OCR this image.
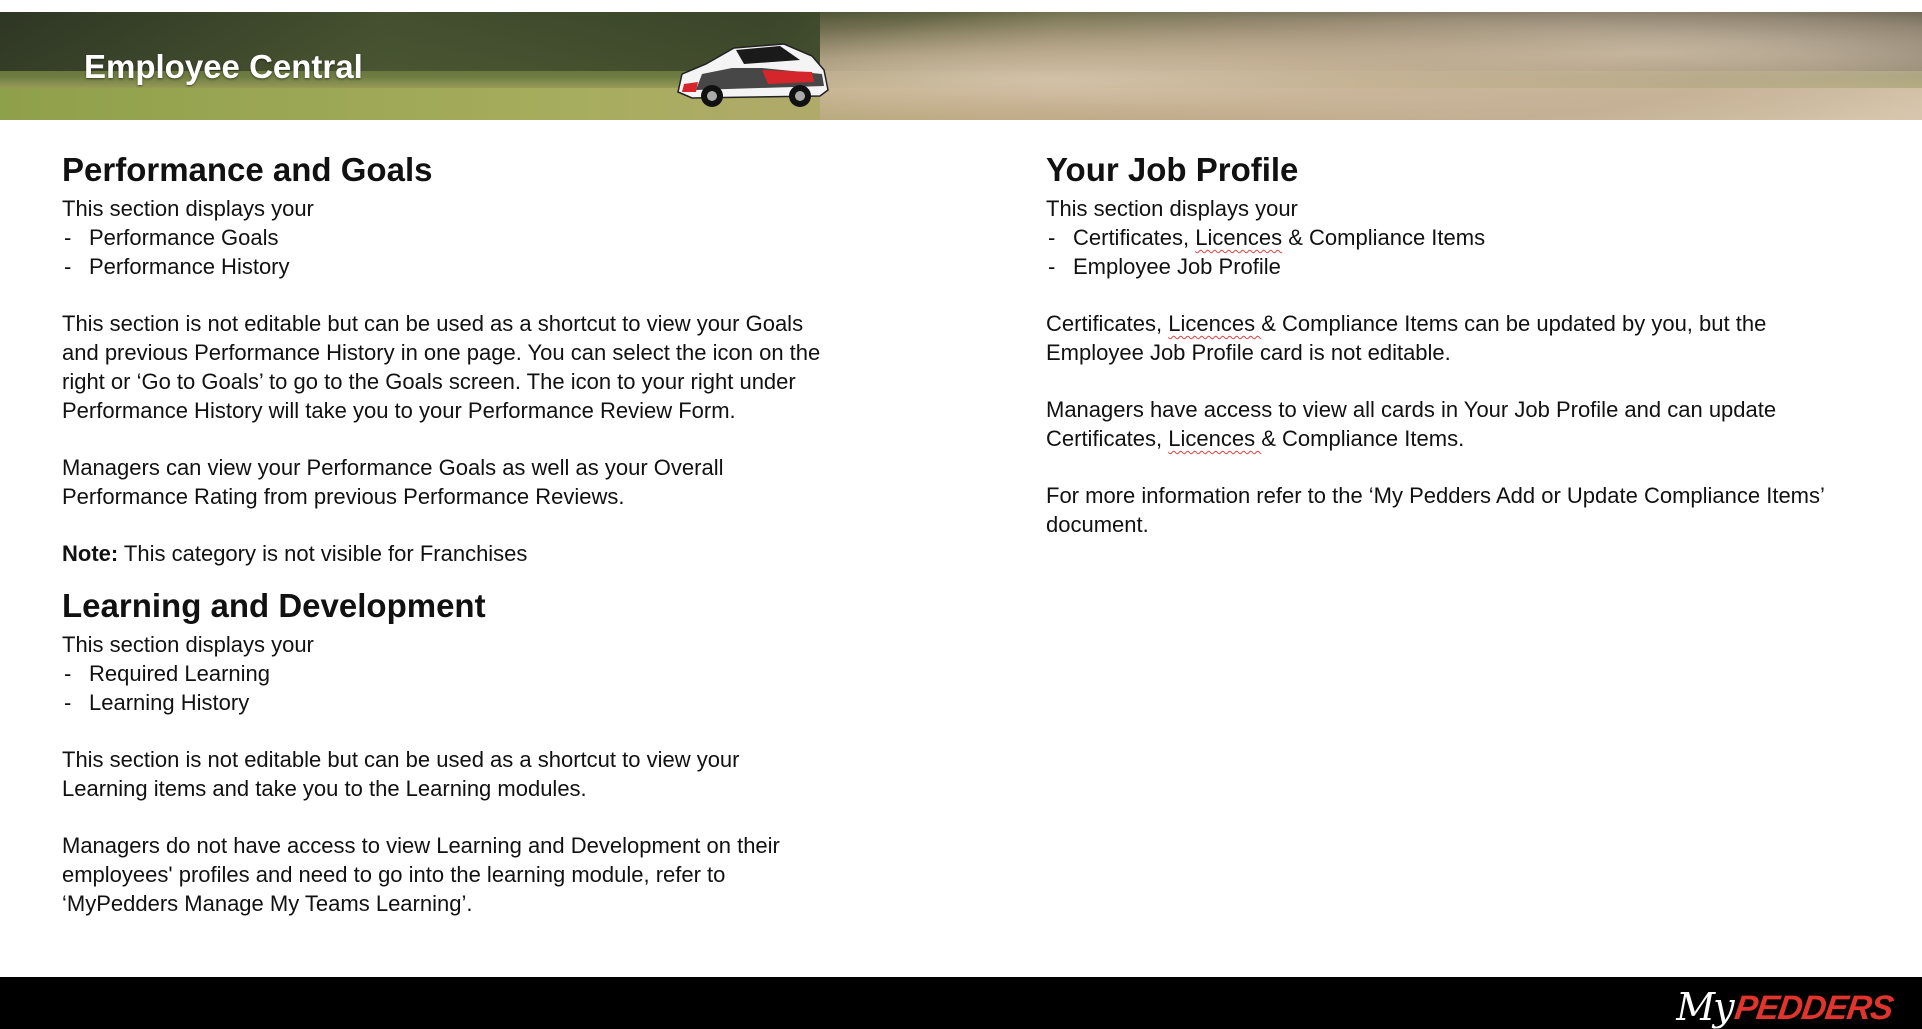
Employee Central
Performance and Goals

This section displays your

- Performance Goals
- Performance History

This section is not editable but can be used as a shortcut to view your Goals and previous Performance History in one page. You can select the icon on the right or ‘Go to Goals’ to go to the Goals screen. The icon to your right under Performance History will take you to your Performance Review Form.

Managers can view your Performance Goals as well as your Overall Performance Rating from previous Performance Reviews.

Note: This category is not visible for Franchises

Learning and Development

This section displays your

- Required Learning
- Learning History

This section is not editable but can be used as a shortcut to view your Learning items and take you to the Learning modules.

Managers do not have access to view Learning and Development on their employees' profiles and need to go into the learning module, refer to ‘MyPedders Manage My Teams Learning’.

Your Job Profile

This section displays your

- Certificates, Licences & Compliance Items
- Employee Job Profile

Certificates, Licences & Compliance Items can be updated by you, but the Employee Job Profile card is not editable.

Managers have access to view all cards in Your Job Profile and can update Certificates, Licences & Compliance Items.

For more information refer to the ‘My Pedders Add or Update Compliance Items’ document.

My PEDDERS
